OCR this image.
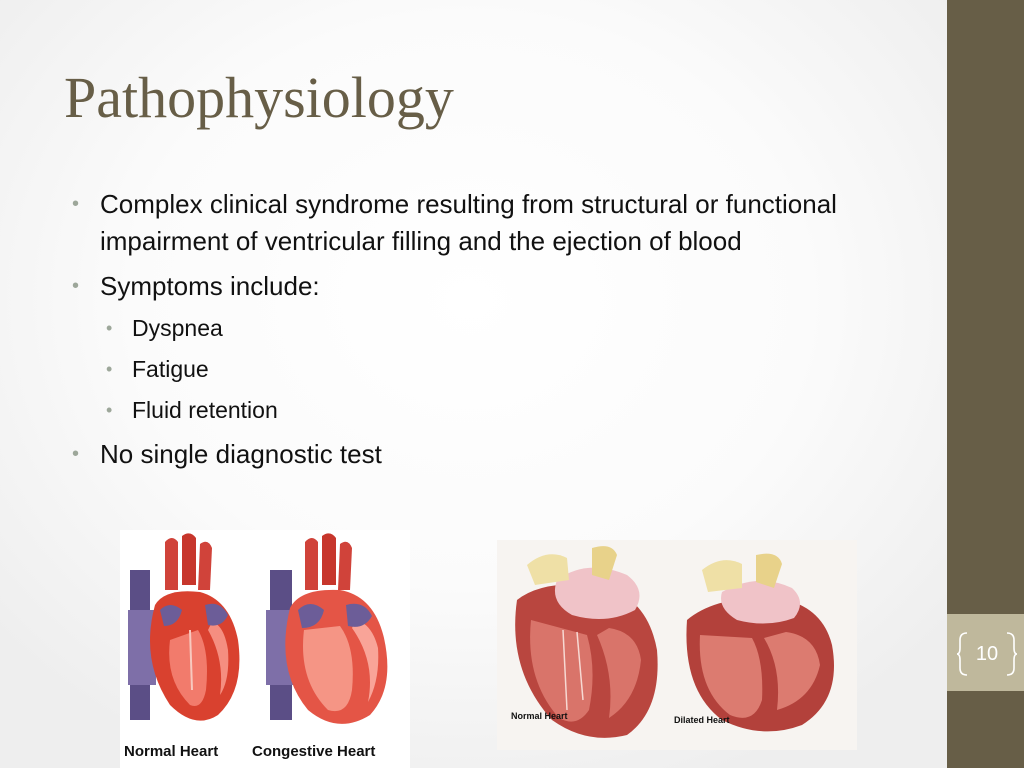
10
Pathophysiology
• Complex clinical syndrome resulting from structural or functional impairment of ventricular filling and the ejection of blood
• Symptoms include:
• Dyspnea
• Fatigue
• Fluid retention
• No single diagnostic test
Normal Heart Congestive Heart
Normal Heart	Dilated Heart
